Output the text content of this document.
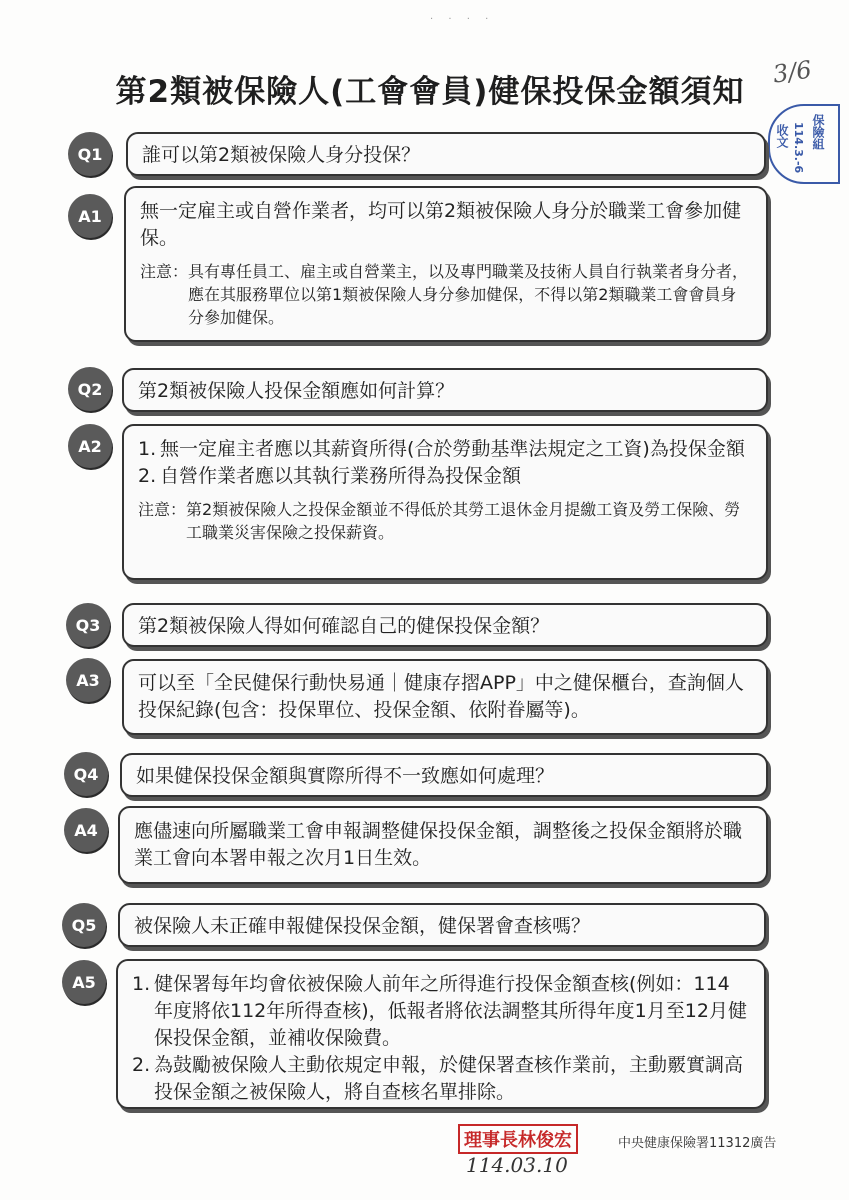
· · · ·
第2類被保險人(工會會員)健保投保金額須知
3/6
保險組
114.3.-6
收文
Q1	誰可以第2類被保險人身分投保？
A1	無一定雇主或自營作業者，均可以第2類被保險人身分於職業工會參加健保。
注意： 具有專任員工、雇主或自營業主，以及專門職業及技術人員自行執業者身分者，應在其服務單位以第1類被保險人身分參加健保，不得以第2類職業工會會員身分參加健保。
Q2	第2類被保險人投保金額應如何計算？
A2	1. 無一定雇主者應以其薪資所得(合於勞動基準法規定之工資)為投保金額
2. 自營作業者應以其執行業務所得為投保金額
注意： 第2類被保險人之投保金額並不得低於其勞工退休金月提繳工資及勞工保險、勞工職業災害保險之投保薪資。
Q3	第2類被保險人得如何確認自己的健保投保金額？
A3	可以至「全民健保行動快易通｜健康存摺APP」中之健保櫃台，查詢個人投保紀錄(包含：投保單位、投保金額、依附眷屬等)。
Q4	如果健保投保金額與實際所得不一致應如何處理？
A4	應儘速向所屬職業工會申報調整健保投保金額，調整後之投保金額將於職業工會向本署申報之次月1日生效。
Q5	被保險人未正確申報健保投保金額，健保署會查核嗎？
A5	1. 健保署每年均會依被保險人前年之所得進行投保金額查核(例如：114年度將依112年所得查核)，低報者將依法調整其所得年度1月至12月健保投保金額，並補收保險費。
2. 為鼓勵被保險人主動依規定申報，於健保署查核作業前，主動覈實調高投保金額之被保險人，將自查核名單排除。
理事長林俊宏
114.03.10
中央健康保險署11312廣告
